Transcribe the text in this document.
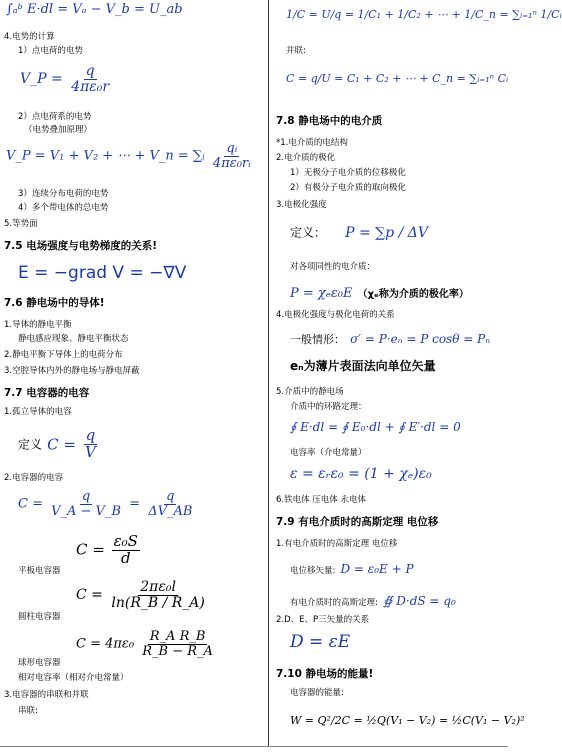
∫ₐᵇ E·dl = Vₐ − V_b = U_ab
4.电势的计算
1）点电荷的电势
V_P = $\frac{q}{\text{4πε₀r}}$
2）点电荷系的电势
（电势叠加原理）
V_P = V₁ + V₂ + ⋯ + V_n = ∑ᵢ $\frac{\text{qᵢ}}{\text{4πε₀rᵢ}}$
3）连续分布电荷的电势
4）多个带电体的总电势
5.等势面
7.5 电场强度与电势梯度的关系!
E = −grad V = −∇V
7.6 静电场中的导体!
1.导体的静电平衡
静电感应现象、静电平衡状态
2.静电平衡下导体上的电荷分布
3.空腔导体内外的静电场与静电屏蔽
7.7 电容器的电容
1.孤立导体的电容
定义 $C = \frac{q}{V}$
2.电容器的电容
$C = \frac{q}{V\_A - V\_B} = \frac{q}{\Delta V\_AB}$
$C = \frac{\text{ε₀S}}{d}$
平板电容器
$C = \frac{\text{2πε₀l}}{\ln(R\_B / R\_A)}$
圆柱电容器
$C = 4\pi\varepsilon_0 \frac{\text{R\_A R\_B}}{R\_B - R\_A}$
球形电容器
相对电容率（相对介电常量）
3.电容器的串联和并联
串联:
1/C = U/q = 1/C₁ + 1/C₂ + ⋯ + 1/C_n = ∑ᵢ₌₁ⁿ 1/Cᵢ
并联:
C = q/U = C₁ + C₂ + ⋯ + C_n = ∑ᵢ₌₁ⁿ Cᵢ
7.8 静电场中的电介质
*1.电介质的电结构
2.电介质的极化
1）无极分子电介质的位移极化
2）有极分子电介质的取向极化
3.电极化强度
定义： P = ∑p / ΔV
对各项同性的电介质：
P = χₑε₀E （χₑ称为介质的极化率）
4.电极化强度与极化电荷的关系
一般情形： σ′ = P·eₙ = P cosθ = Pₙ
eₙ为薄片表面法向单位矢量
5.介质中的静电场
介质中的环路定理：
∮ E·dl = ∮ E₀·dl + ∮ E′·dl = 0
电容率（介电常量）
ε = εᵣε₀ = (1 + χₑ)ε₀
6.铁电体 压电体 永电体
7.9 有电介质时的高斯定理 电位移
1.有电介质时的高斯定理 电位移
电位移矢量: D = ε₀E + P
有电介质时的高斯定理: ∯ D·dS = q₀
2.D、E、P三矢量的关系
D = εE
7.10 静电场的能量!
电容器的能量:
W = Q²/2C = ½Q(V₁ − V₂) = ½C(V₁ − V₂)²
